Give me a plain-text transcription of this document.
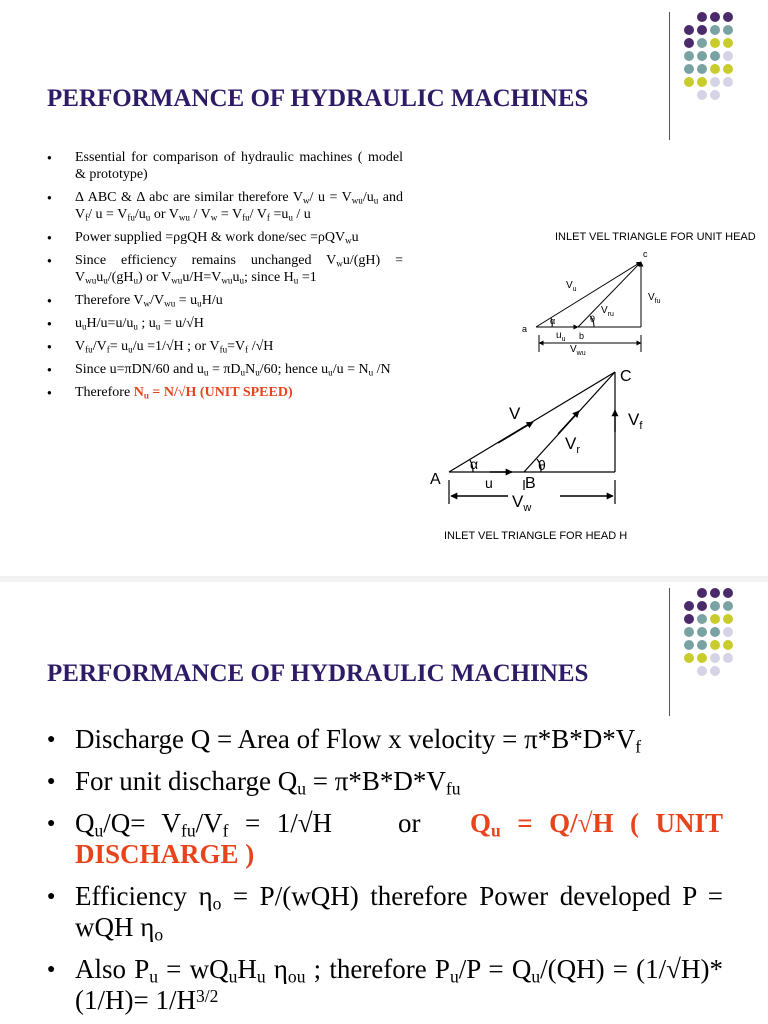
PERFORMANCE OF HYDRAULIC MACHINES
● Essential for comparison of hydraulic machines ( model & prototype)
● Δ ABC & Δ abc are similar therefore $V_w/$ $u = V_{wu}/u_u$ and $V_f/$ $u = V_{fu}/u_u$ or $V_{wu} / V_w = V_{fu}/$ $V_f =u_u / u$
● Power supplied =ρgQH & work done/sec =ρQV$_w$u
● Since efficiency remains unchanged $V_wu/(gH) = V_{wu}u_u/(gH_u)$ or $V_{wu}u/H=V_{wu}u_u$; since $H_u =1$
● Therefore $V_w/V_{wu} = u_uH/u$
● $u_uH/u=u/u_u$ ; $u_u = u/√H$
● $V_{fu}/V_f= u_u/u =1/√H$ ; or $V_{fu}=V_f$ /√H
● Since u=πDN/60 and $u_u = \pi D_uN_u/60$; hence $u_u/u = N_u$ /N
● Therefore $N_u = N/√H$ (UNIT SPEED)
INLET VEL TRIANGLE FOR UNIT HEAD
c
a
b
$V_u$
$V_{fu}$
$V_{ru}$
α	θ
$u_u$
$V_{wu}$
C
A	B
V	$V_f$
$V_r$
α	θ
u
$V_w$
INLET VEL TRIANGLE FOR HEAD H
PERFORMANCE OF HYDRAULIC MACHINES
● Discharge Q = Area of Flow x velocity = $\pi*B*D*V_f$
● For unit discharge $Q_u = \pi*B*D*V_{fu}$
● $Q_u/Q= V_{fu}/V_f = 1/√H$    or   $Q_u = Q/√H$ ( UNIT DISCHARGE )
● Efficiency $\eta_o = P/(wQH)$ therefore Power developed P = wQH $\eta_o$
● Also $P_u = wQ_uH_u$ $\eta_{ou}$ ; therefore $P_u/P = Q_u/(QH) = (1/√H)*(1/H)= 1/H^{3/2}$
